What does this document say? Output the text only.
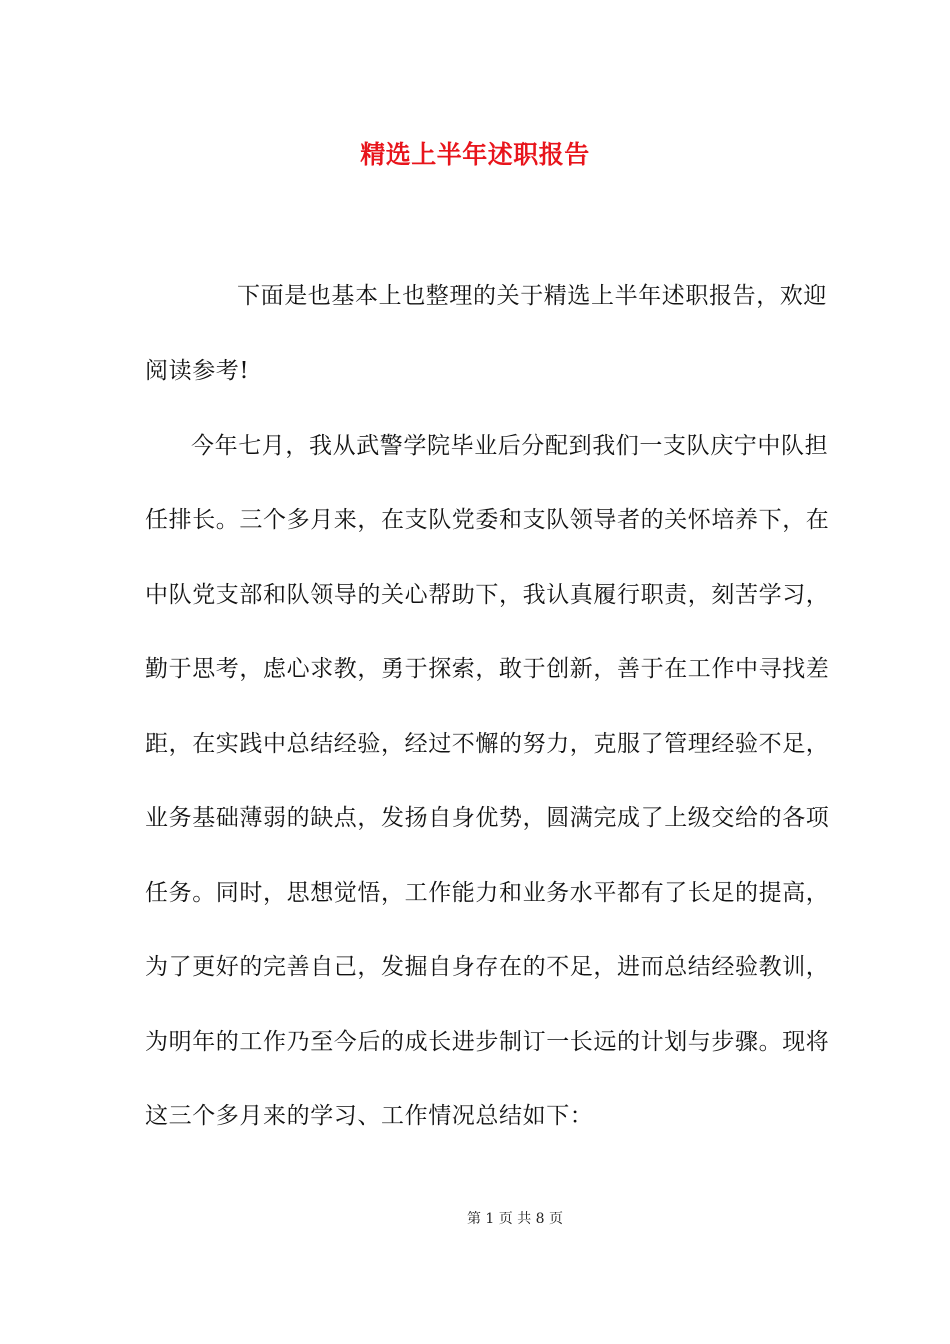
精选上半年述职报告
下面是也基本上也整理的关于精选上半年述职报告，欢迎
阅读参考!
今年七月，我从武警学院毕业后分配到我们一支队庆宁中队担
任排长。三个多月来，在支队党委和支队领导者的关怀培养下，在
中队党支部和队领导的关心帮助下，我认真履行职责，刻苦学习，
勤于思考，虑心求教，勇于探索，敢于创新，善于在工作中寻找差
距，在实践中总结经验，经过不懈的努力，克服了管理经验不足，
业务基础薄弱的缺点，发扬自身优势，圆满完成了上级交给的各项
任务。同时，思想觉悟，工作能力和业务水平都有了长足的提高，
为了更好的完善自己，发掘自身存在的不足，进而总结经验教训，
为明年的工作乃至今后的成长进步制订一长远的计划与步骤。现将
这三个多月来的学习、工作情况总结如下：
第 1 页 共 8 页
